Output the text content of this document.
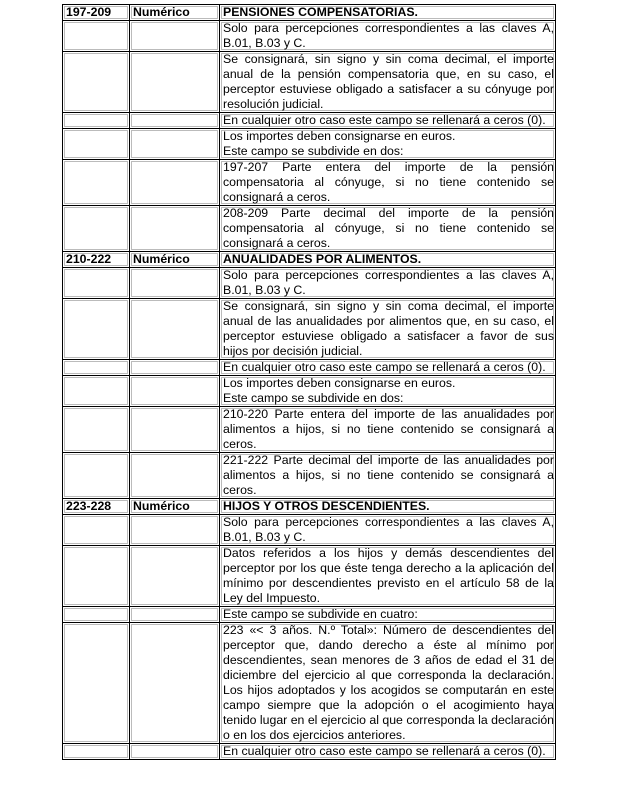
197-209	Numérico	PENSIONES COMPENSATORIAS.
		Solo para percepciones correspondientes a las claves A, B.01, B.03 y C.
		Se consignará, sin signo y sin coma decimal, el importe anual de la pensión compensatoria que, en su caso, el perceptor estuviese obligado a satisfacer a su cónyuge por resolución judicial.
		En cualquier otro caso este campo se rellenará a ceros (0).

		Los importes deben consignarse en euros.
Este campo se subdivide en dos:

		197-207 Parte entera del importe de la pensión compensatoria al cónyuge, si no tiene contenido se consignará a ceros.
		208-209 Parte decimal del importe de la pensión compensatoria al cónyuge, si no tiene contenido se consignará a ceros.
210-222	Numérico	ANUALIDADES POR ALIMENTOS.
		Solo para percepciones correspondientes a las claves A, B.01, B.03 y C.
		Se consignará, sin signo y sin coma decimal, el importe anual de las anualidades por alimentos que, en su caso, el perceptor estuviese obligado a satisfacer a favor de sus hijos por decisión judicial.
		En cualquier otro caso este campo se rellenará a ceros (0).

		Los importes deben consignarse en euros.
Este campo se subdivide en dos:

		210-220 Parte entera del importe de las anualidades por alimentos a hijos, si no tiene contenido se consignará a ceros.
		221-222 Parte decimal del importe de las anualidades por alimentos a hijos, si no tiene contenido se consignará a ceros.
223-228	Numérico	HIJOS Y OTROS DESCENDIENTES.
		Solo para percepciones correspondientes a las claves A, B.01, B.03 y C.
		Datos referidos a los hijos y demás descendientes del perceptor por los que éste tenga derecho a la aplicación del mínimo por descendientes previsto en el artículo 58 de la Ley del Impuesto.
		Este campo se subdivide en cuatro:
		223 «< 3 años. N.º Total»: Número de descendientes del perceptor que, dando derecho a éste al mínimo por descendientes, sean menores de 3 años de edad el 31 de diciembre del ejercicio al que corresponda la declaración. Los hijos adoptados y los acogidos se computarán en este campo siempre que la adopción o el acogimiento haya tenido lugar en el ejercicio al que corresponda la declaración o en los dos ejercicios anteriores.
		En cualquier otro caso este campo se rellenará a ceros (0).
